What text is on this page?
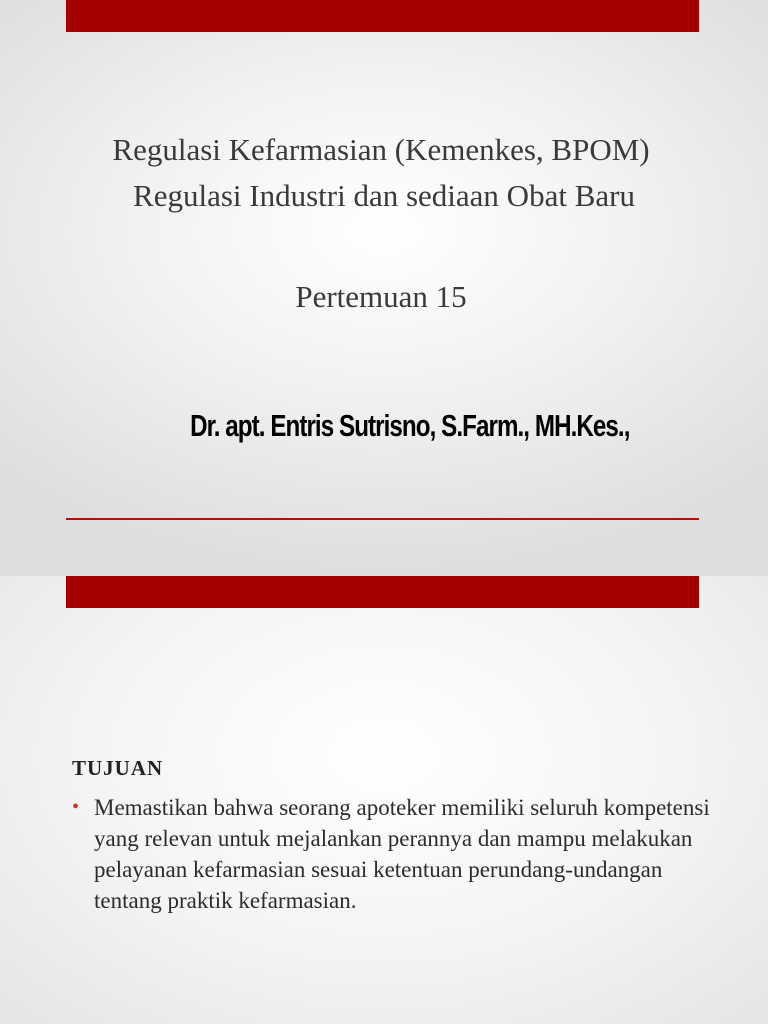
Regulasi Kefarmasian (Kemenkes, BPOM)
Regulasi Industri dan sediaan Obat Baru
Pertemuan 15
Dr. apt. Entris Sutrisno, S.Farm., MH.Kes.,
TUJUAN
• Memastikan bahwa seorang apoteker memiliki seluruh kompetensi yang relevan untuk mejalankan perannya dan mampu melakukan pelayanan kefarmasian sesuai ketentuan perundang-undangan tentang praktik kefarmasian.
